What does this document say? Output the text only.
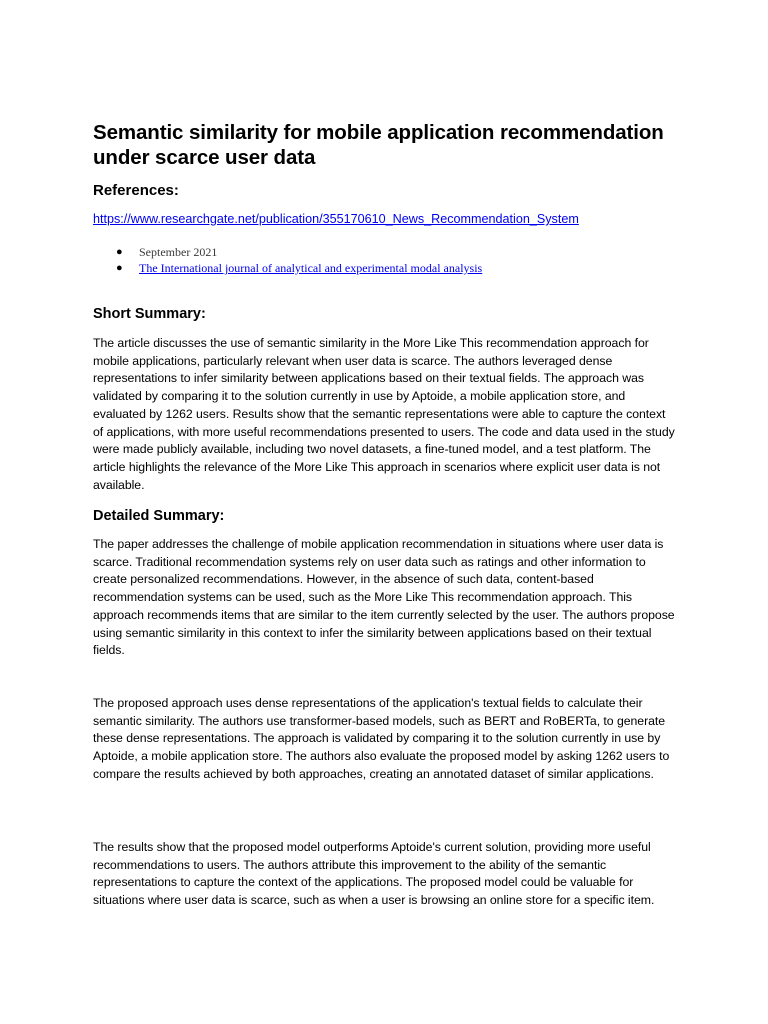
Semantic similarity for mobile application recommendation under scarce user data
References:
https://www.researchgate.net/publication/355170610_News_Recommendation_System
● September 2021
● The International journal of analytical and experimental modal analysis
Short Summary:

The article discusses the use of semantic similarity in the More Like This recommendation approach for mobile applications, particularly relevant when user data is scarce. The authors leveraged dense representations to infer similarity between applications based on their textual fields. The approach was validated by comparing it to the solution currently in use by Aptoide, a mobile application store, and evaluated by 1262 users. Results show that the semantic representations were able to capture the context of applications, with more useful recommendations presented to users. The code and data used in the study were made publicly available, including two novel datasets, a fine-tuned model, and a test platform. The article highlights the relevance of the More Like This approach in scenarios where explicit user data is not available.

Detailed Summary:

The paper addresses the challenge of mobile application recommendation in situations where user data is scarce. Traditional recommendation systems rely on user data such as ratings and other information to create personalized recommendations. However, in the absence of such data, content-based recommendation systems can be used, such as the More Like This recommendation approach. This approach recommends items that are similar to the item currently selected by the user. The authors propose using semantic similarity in this context to infer the similarity between applications based on their textual fields.

The proposed approach uses dense representations of the application's textual fields to calculate their semantic similarity. The authors use transformer-based models, such as BERT and RoBERTa, to generate these dense representations. The approach is validated by comparing it to the solution currently in use by Aptoide, a mobile application store. The authors also evaluate the proposed model by asking 1262 users to compare the results achieved by both approaches, creating an annotated dataset of similar applications.

The results show that the proposed model outperforms Aptoide's current solution, providing more useful recommendations to users. The authors attribute this improvement to the ability of the semantic representations to capture the context of the applications. The proposed model could be valuable for situations where user data is scarce, such as when a user is browsing an online store for a specific item.
